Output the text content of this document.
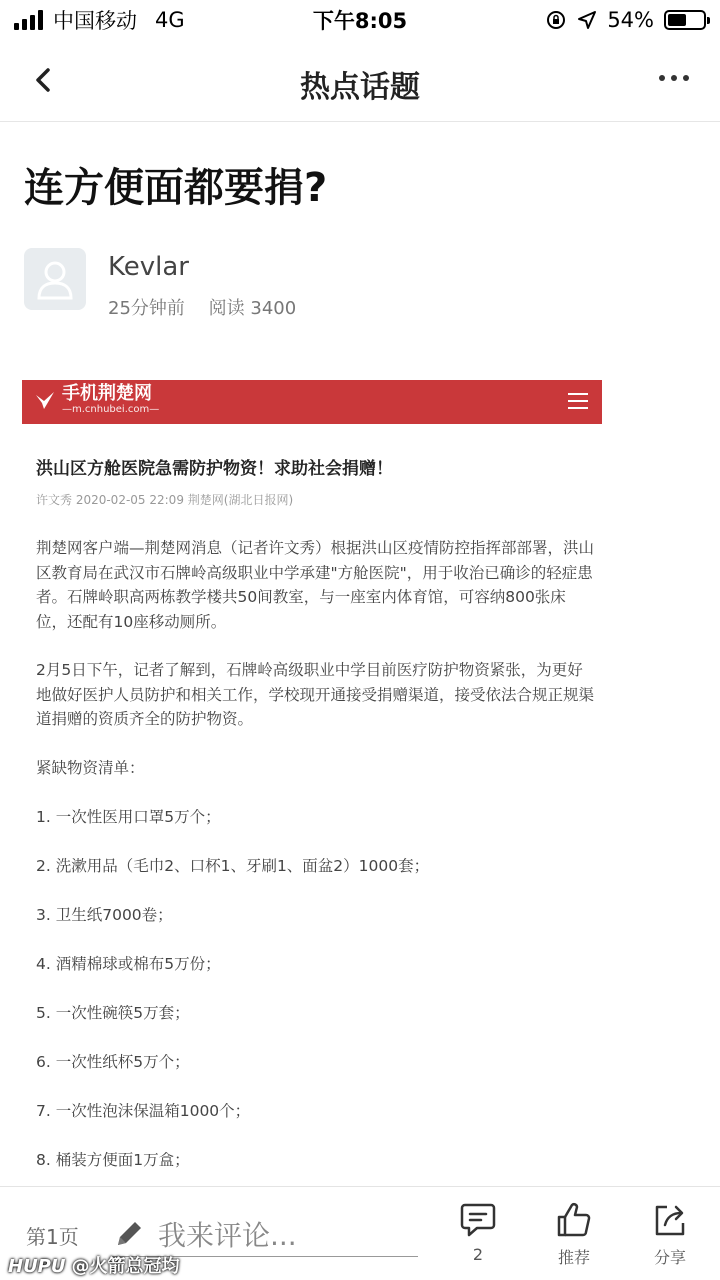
中国移动 4G	下午8:05	54%
热点话题
连方便面都要捐?
Kevlar
25分钟前 阅读 3400
手机荆楚网
—m.cnhubei.com—
洪山区方舱医院急需防护物资！求助社会捐赠！
许文秀 2020-02-05 22:09 荆楚网(湖北日报网)

荆楚网客户端—荆楚网消息（记者许文秀）根据洪山区疫情防控指挥部部署，洪山区教育局在武汉市石牌岭高级职业中学承建"方舱医院"，用于收治已确诊的轻症患者。石牌岭职高两栋教学楼共50间教室，与一座室内体育馆，可容纳800张床位，还配有10座移动厕所。

2月5日下午，记者了解到，石牌岭高级职业中学目前医疗防护物资紧张，为更好地做好医护人员防护和相关工作，学校现开通接受捐赠渠道，接受依法合规正规渠道捐赠的资质齐全的防护物资。

紧缺物资清单：
1. 一次性医用口罩5万个；
2. 洗漱用品（毛巾2、口杯1、牙刷1、面盆2）1000套；
3. 卫生纸7000卷；
4. 酒精棉球或棉布5万份；
5. 一次性碗筷5万套；
6. 一次性纸杯5万个；
7. 一次性泡沫保温箱1000个；
8. 桶装方便面1万盒；
第1页	我来评论...
2	推荐	分享
HUPU @火箭总冠均
